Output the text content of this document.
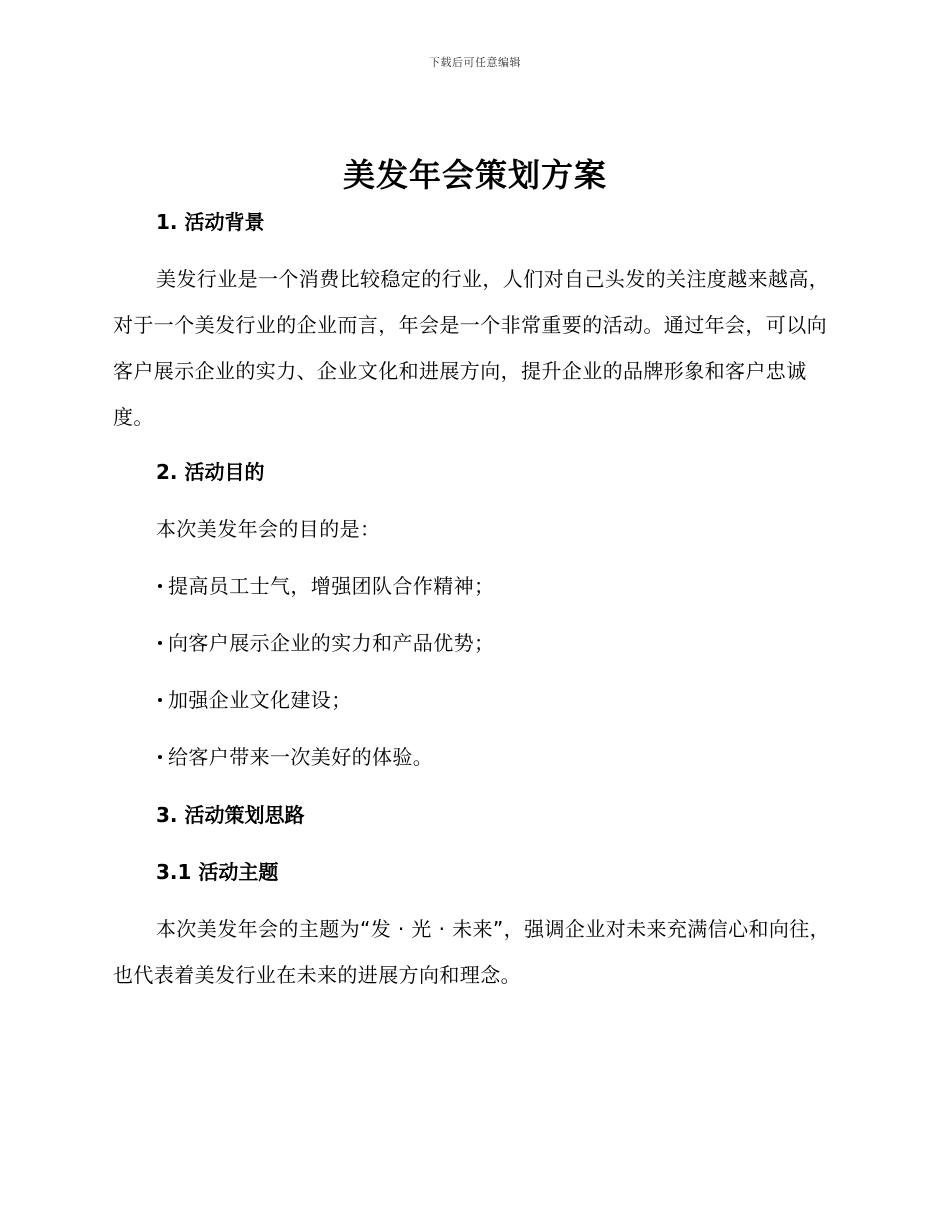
下载后可任意编辑
美发年会策划方案
1. 活动背景

美发行业是一个消费比较稳定的行业，人们对自己头发的关注度越来越高，对于一个美发行业的企业而言，年会是一个非常重要的活动。通过年会，可以向客户展示企业的实力、企业文化和进展方向，提升企业的品牌形象和客户忠诚度。

2. 活动目的

本次美发年会的目的是：

提高员工士气，增强团队合作精神；
向客户展示企业的实力和产品优势；
加强企业文化建设；
给客户带来一次美好的体验。
3. 活动策划思路
3.1 活动主题

本次美发年会的主题为“发 · 光 · 未来”，强调企业对未来充满信心和向往，也代表着美发行业在未来的进展方向和理念。
